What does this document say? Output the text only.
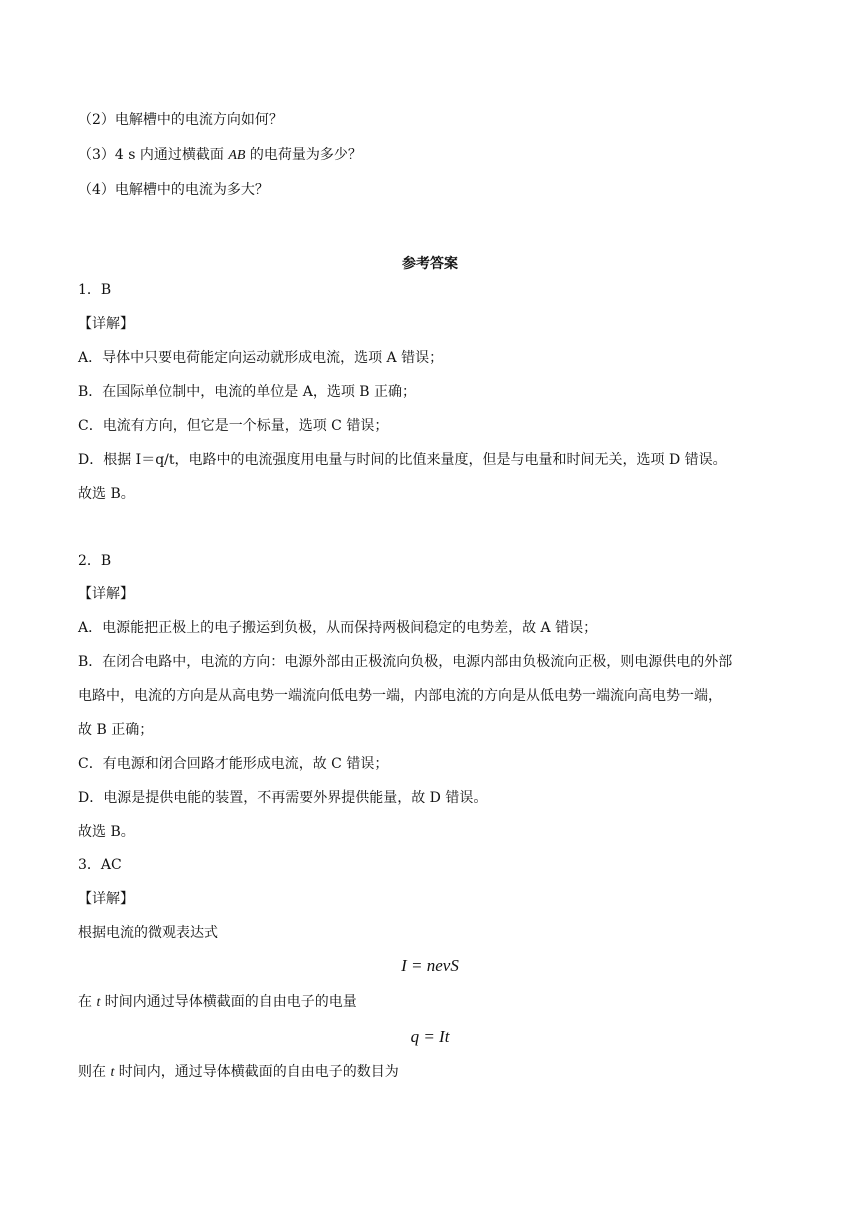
（2）电解槽中的电流方向如何？
（3）4 s 内通过横截面 AB 的电荷量为多少？
（4）电解槽中的电流为多大？
参考答案
1．B
【详解】
A．导体中只要电荷能定向运动就形成电流，选项 A 错误；
B．在国际单位制中，电流的单位是 A，选项 B 正确；
C．电流有方向，但它是一个标量，选项 C 错误；
D．根据 I＝q/t，电路中的电流强度用电量与时间的比值来量度，但是与电量和时间无关，选项 D 错误。
故选 B。
2．B
【详解】
A．电源能把正极上的电子搬运到负极，从而保持两极间稳定的电势差，故 A 错误；
B．在闭合电路中，电流的方向：电源外部由正极流向负极，电源内部由负极流向正极，则电源供电的外部
电路中，电流的方向是从高电势一端流向低电势一端，内部电流的方向是从低电势一端流向高电势一端，
故 B 正确；
C．有电源和闭合回路才能形成电流，故 C 错误；
D．电源是提供电能的装置，不再需要外界提供能量，故 D 错误。
故选 B。
3．AC
【详解】
根据电流的微观表达式
I = nevS
在 t 时间内通过导体横截面的自由电子的电量
q = It
则在 t 时间内，通过导体横截面的自由电子的数目为
